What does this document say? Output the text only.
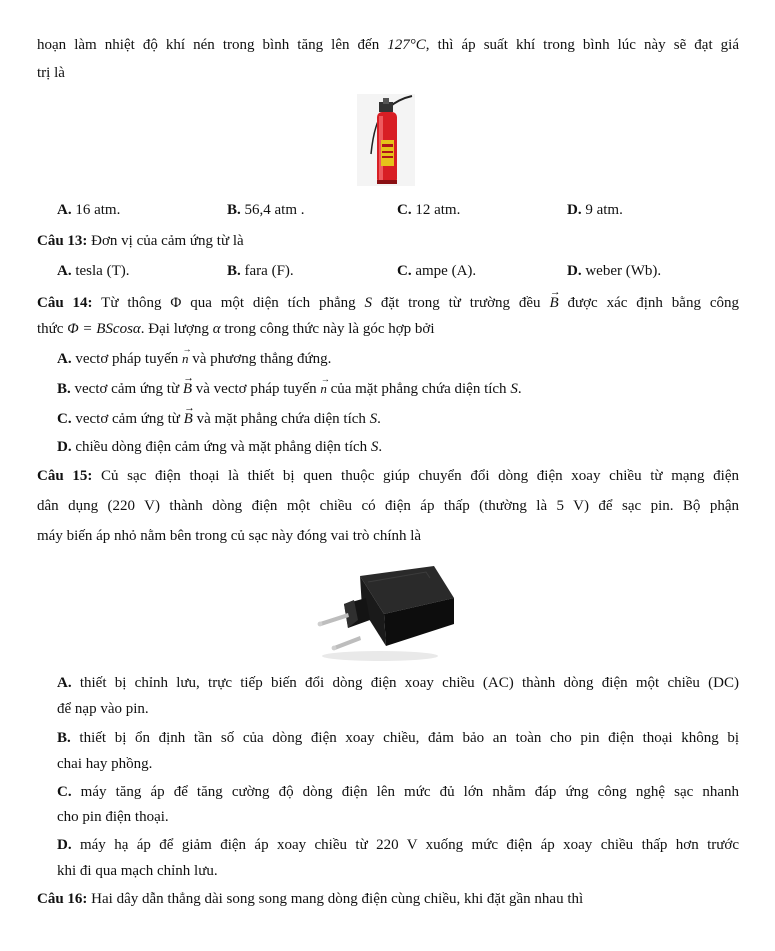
hoạn làm nhiệt độ khí nén trong bình tăng lên đến 127°C, thì áp suất khí trong bình lúc này sẽ đạt giá
trị là
A. 16 atm.	B. 56,4 atm .	C. 12 atm.	D. 9 atm.
Câu 13: Đơn vị của cảm ứng từ là
A. tesla (T).	B. fara (F).	C. ampe (A).	D. weber (Wb).
Câu 14: Từ thông Φ qua một diện tích phẳng S đặt trong từ trường đều → B được xác định bằng công
thức Φ = BScosα. Đại lượng α trong công thức này là góc hợp bởi
A. vectơ pháp tuyến → n và phương thẳng đứng.
B. vectơ cảm ứng từ → B và vectơ pháp tuyến → n của mặt phẳng chứa diện tích S.
C. vectơ cảm ứng từ → B và mặt phẳng chứa diện tích S.
D. chiều dòng điện cảm ứng và mặt phẳng diện tích S.
Câu 15: Củ sạc điện thoại là thiết bị quen thuộc giúp chuyển đổi dòng điện xoay chiều từ mạng điện
dân dụng (220 V) thành dòng điện một chiều có điện áp thấp (thường là 5 V) để sạc pin. Bộ phận
máy biến áp nhỏ nằm bên trong củ sạc này đóng vai trò chính là
A. thiết bị chỉnh lưu, trực tiếp biến đổi dòng điện xoay chiều (AC) thành dòng điện một chiều (DC)
để nạp vào pin.
B. thiết bị ổn định tần số của dòng điện xoay chiều, đảm bảo an toàn cho pin điện thoại không bị
chai hay phồng.
C. máy tăng áp để tăng cường độ dòng điện lên mức đủ lớn nhằm đáp ứng công nghệ sạc nhanh
cho pin điện thoại.
D. máy hạ áp để giảm điện áp xoay chiều từ 220 V xuống mức điện áp xoay chiều thấp hơn trước
khi đi qua mạch chỉnh lưu.
Câu 16: Hai dây dẫn thẳng dài song song mang dòng điện cùng chiều, khi đặt gần nhau thì
